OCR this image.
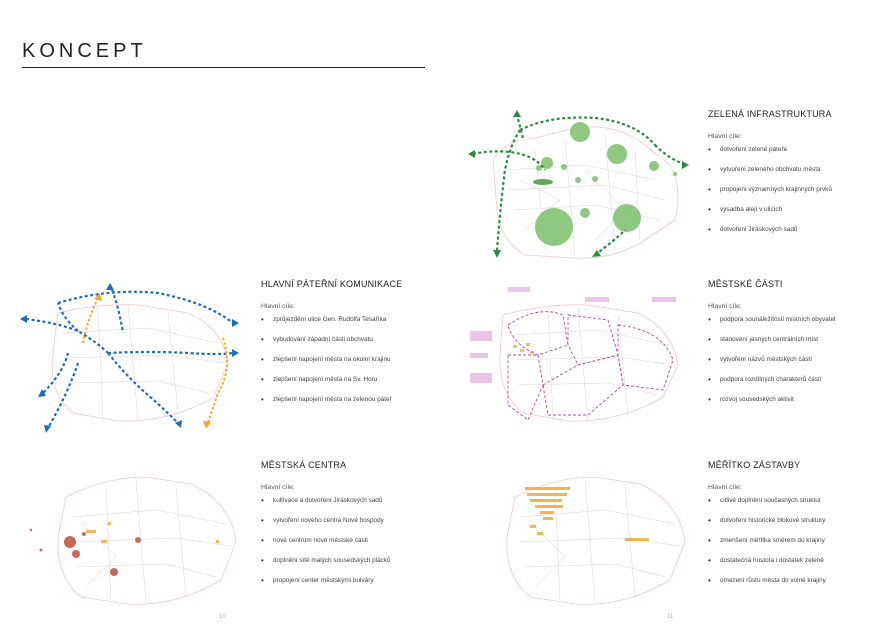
KONCEPT
ZELENÁ INFRASTRUKTURA
Hlavní cíle:
• dotvoření zelené páteře
• vytvoření zeleného obchvatu města
• propojení významných krajinných prvků
• výsadba alejí v ulicích
• dotvoření Jiráskových sadů
HLAVNÍ PÁTEŘNÍ KOMUNIKACE
Hlavní cíle:
• zprůjezdění ulice Gen. Rudolfa Tesaříka
• vybudování západní části obchvatu
• zlepšení napojení města na okolní krajinu
• zlepšení napojení města na Sv. Horu
• zlepšení napojení města na zelenou páteř
MĚSTSKÉ ČÁSTI
Hlavní cíle:
• podpora sounáležitosti místních obyvatel
• stanovení jasných centrálních míst
• vytvoření názvů městských částí
• podpora rozdílných charakterů částí
• rozvoj sousedských aktivit
MĚSTSKÁ CENTRA
Hlavní cíle:
• kultivace a dotvoření Jiráskových sadů
• vytvoření nového centra Nové hospody
• nové centrum nové městské části
• doplnění sítě malých sousedských plácků
• propojení center městskými bulváry
MĚŘÍTKO ZÁSTAVBY
Hlavní cíle:
• citlivé doplnění současných struktur
• dotvoření historické blokové struktury
• zmenšení měřítka směrem do krajiny
• dostatečná hustota i dostatek zeleně
• omezení růstu města do volné krajiny
10	11
